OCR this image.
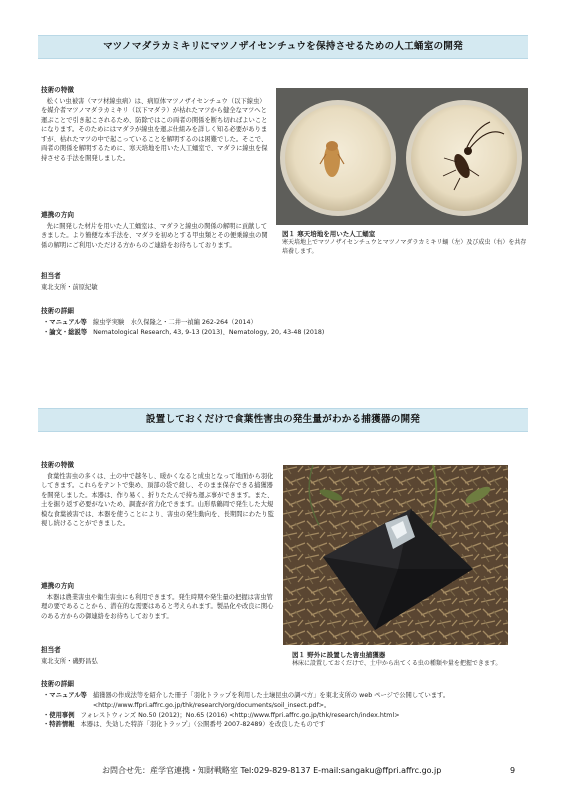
マツノマダラカミキリにマツノザイセンチュウを保持させるための人工蛹室の開発
技術の特徴

松くい虫被害（マツ材線虫病）は、病原体マツノザイセンチュウ（以下線虫）を媒介者マツノマダラカミキリ（以下マダラ）が枯れたマツから健全なマツへと運ぶことで引き起こされるため、防除ではこの両者の関係を断ち切ればよいことになります。そのためにはマダラが線虫を運ぶ仕組みを詳しく知る必要がありますが、枯れたマツの中で起こっていることを解明するのは困難でした。そこで、両者の関係を解明するために、寒天培地を用いた人工蛹室で、マダラに線虫を保持させる手法を開発しました。

連携の方向

先に開発した材片を用いた人工蛹室は、マダラと線虫の関係の解明に貢献してきました。より簡便な本手法を、マダラを初めとする甲虫類とその便乗線虫の関係の解明にご利用いただける方からのご連絡をお待ちしております。

担当者

東北支所・前原紀敏

技術の詳細
・マニュアル等 線虫学実験　水久保隆之・二井一禎編 262-264（2014）
・論文・総説等 Nematological Research, 43, 9-13 (2013)、Nematology, 20, 43-48 (2018)
図１ 寒天培地を用いた人工蛹室
寒天培地上でマツノザイセンチュウとマツノマダラカミキリ蛹（左）及び成虫（右）を共存培養します。
設置しておくだけで食葉性害虫の発生量がわかる捕獲器の開発
技術の特徴

食葉性害虫の多くは、土の中で越冬し、暖かくなると成虫となって地面から羽化してきます。これらをテントで集め、頂部の袋で殺し、そのまま保存できる捕獲器を開発しました。本器は、作り易く、折りたたんで持ち運ぶ事ができます。また、土を掘り返す必要がないため、調査が省力化できます。山形県鶴岡で発生した大規模な食葉被害では、本器を使うことにより、害虫の発生動向を、長期間にわたり監視し続けることができました。

連携の方向

本器は農業害虫や衛生害虫にも利用できます。発生時期や発生量の把握は害虫管理の要であることから、潜在的な需要はあると考えられます。製品化や改良に関心のある方からの御連絡をお待ちしております。

担当者

東北支所・磯野昌弘

技術の詳細
・マニュアル等 捕獲器の作成法等を紹介した冊子「羽化トラップを利用した土壌昆虫の調べ方」を東北支所の web ページで公開しています。<http://www.ffpri.affrc.go.jp/thk/research/org/documents/soil_insect.pdf>。
・使用事例 フォレストウィンズ No.50 (2012)；No.65 (2016) <http://www.ffpri.affrc.go.jp/thk/research/index.html>
・特許情報 本器は、失効した特許「羽化トラップ」（公開番号 2007-82489）を改良したものです
図１ 野外に設置した害虫捕獲器
林床に設置しておくだけで、土中から出てくる虫の種類や量を把握できます。
お問合せ先：産学官連携・知財戦略室 Tel:029-829-8137 E-mail:sangaku@ffpri.affrc.go.jp	9
